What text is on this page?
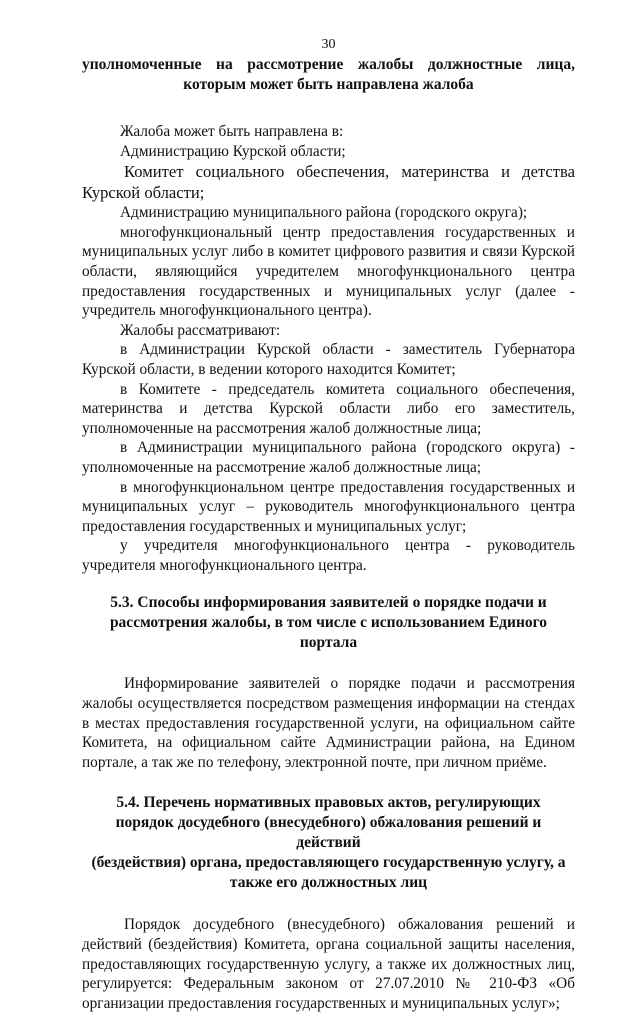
30
уполномоченные на рассмотрение жалобы должностные лица,
которым может быть направлена жалоба

Жалоба может быть направлена в:

Администрацию Курской области;

Комитет социального обеспечения, материнства и детства Курской области;

Администрацию муниципального района (городского округа);

многофункциональный центр предоставления государственных и муниципальных услуг либо в комитет цифрового развития и связи Курской области, являющийся учредителем многофункционального центра предоставления государственных и муниципальных услуг (далее - учредитель многофункционального центра).

Жалобы рассматривают:

в Администрации Курской области - заместитель Губернатора Курской области, в ведении которого находится Комитет;

в Комитете - председатель комитета социального обеспечения, материнства и детства Курской области либо его заместитель, уполномоченные на рассмотрения жалоб должностные лица;

в Администрации муниципального района (городского округа) - уполномоченные на рассмотрение жалоб должностные лица;

в многофункциональном центре предоставления государственных и муниципальных услуг – руководитель многофункционального центра предоставления государственных и муниципальных услуг;

у учредителя многофункционального центра - руководитель учредителя многофункционального центра.

5.3. Способы информирования заявителей о порядке подачи и

рассмотрения жалобы, в том числе с использованием Единого портала

Информирование заявителей о порядке подачи и рассмотрения жалобы осуществляется посредством размещения информации на стендах в местах предоставления государственной услуги, на официальном сайте Комитета, на официальном сайте Администрации района, на Едином портале, а так же по телефону, электронной почте, при личном приёме.

5.4. Перечень нормативных правовых актов, регулирующих

порядок досудебного (внесудебного) обжалования решений и действий

(бездействия) органа, предоставляющего государственную услугу, а

также его должностных лиц

Порядок досудебного (внесудебного) обжалования решений и действий (бездействия) Комитета, органа социальной защиты населения, предоставляющих государственную услугу, а также их должностных лиц, регулируется: Федеральным законом от 27.07.2010 № 210-ФЗ «Об организации предоставления государственных и муниципальных услуг»;
